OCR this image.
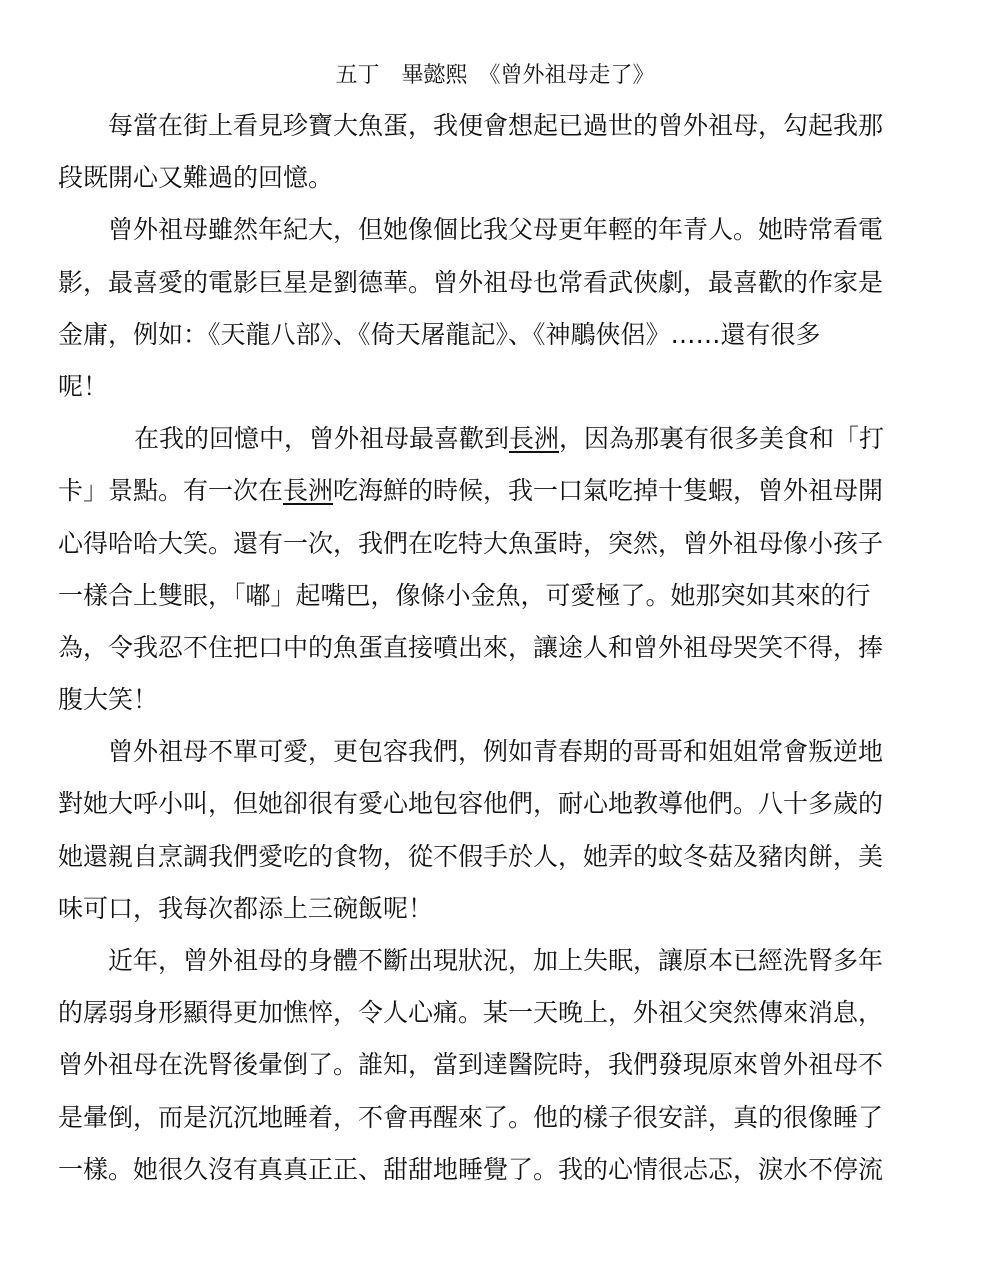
五丁　畢懿熙　《曾外祖母走了》
每當在街上看見珍寶大魚蛋，我便會想起已過世的曾外祖母，勾起我那
段既開心又難過的回憶。
曾外祖母雖然年紀大，但她像個比我父母更年輕的年青人。她時常看電
影，最喜愛的電影巨星是劉德華。曾外祖母也常看武俠劇，最喜歡的作家是
金庸，例如：《天龍八部》、《倚天屠龍記》、《神鵰俠侶》……還有很多
呢！
在我的回憶中，曾外祖母最喜歡到長洲，因為那裏有很多美食和「打
卡」景點。有一次在長洲吃海鮮的時候，我一口氣吃掉十隻蝦，曾外祖母開
心得哈哈大笑。還有一次，我們在吃特大魚蛋時，突然，曾外祖母像小孩子
一樣合上雙眼，「嘟」起嘴巴，像條小金魚，可愛極了。她那突如其來的行
為，令我忍不住把口中的魚蛋直接噴出來，讓途人和曾外祖母哭笑不得，捧
腹大笑！
曾外祖母不單可愛，更包容我們，例如青春期的哥哥和姐姐常會叛逆地
對她大呼小叫，但她卻很有愛心地包容他們，耐心地教導他們。八十多歲的
她還親自烹調我們愛吃的食物，從不假手於人，她弄的蚊冬菇及豬肉餅，美
味可口，我每次都添上三碗飯呢！
近年，曾外祖母的身體不斷出現狀況，加上失眠，讓原本已經洗腎多年
的孱弱身形顯得更加憔悴，令人心痛。某一天晚上，外祖父突然傳來消息，
曾外祖母在洗腎後暈倒了。誰知，當到達醫院時，我們發現原來曾外祖母不
是暈倒，而是沉沉地睡着，不會再醒來了。他的樣子很安詳，真的很像睡了
一樣。她很久沒有真真正正、甜甜地睡覺了。我的心情很忐忑，淚水不停流
